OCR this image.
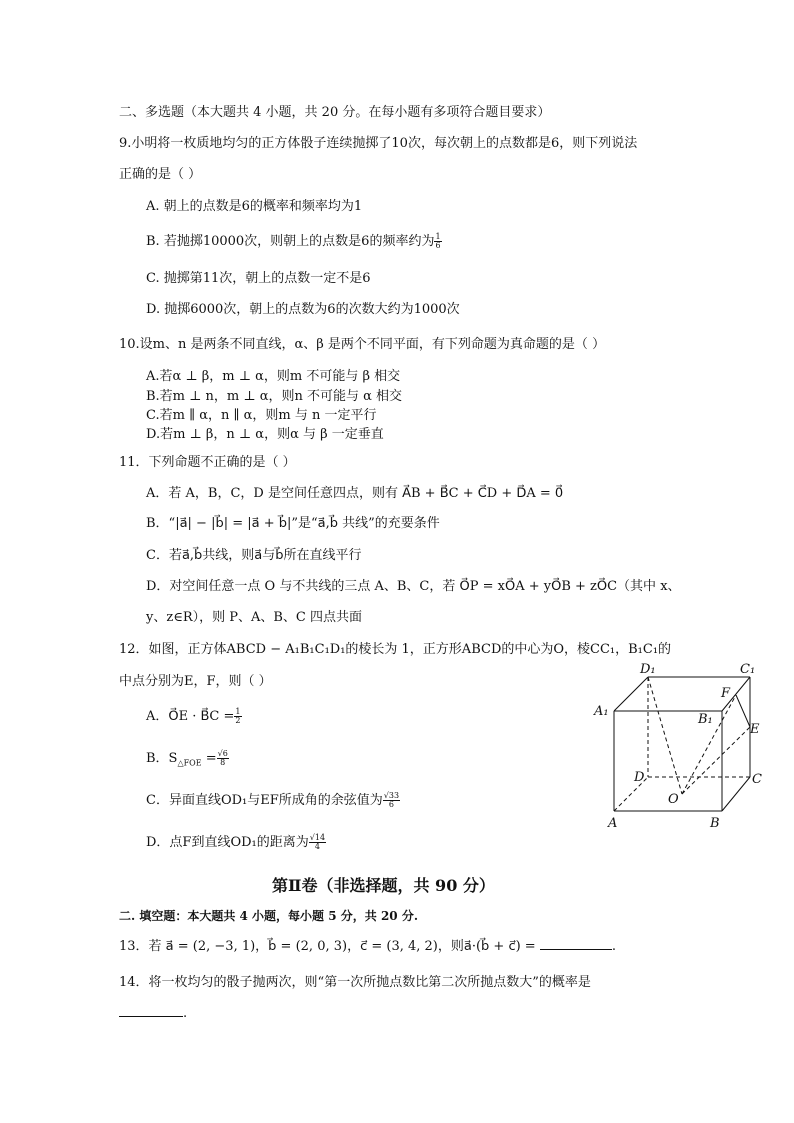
二、多选题（本大题共 4 小题，共 20 分。在每小题有多项符合题目要求）
9.小明将一枚质地均匀的正方体骰子连续抛掷了10次，每次朝上的点数都是6，则下列说法
正确的是（ ）
A. 朝上的点数是6的概率和频率均为1
B. 若抛掷10000次，则朝上的点数是6的频率约为 $\frac{1}{6}$
C. 抛掷第11次，朝上的点数一定不是6
D. 抛掷6000次，朝上的点数为6的次数大约为1000次
10.设m、n 是两条不同直线，α、β 是两个不同平面，有下列命题为真命题的是（ ）
A.若α ⊥ β，m ⊥ α，则m 不可能与 β 相交
B.若m ⊥ n，m ⊥ α，则n 不可能与 α 相交
C.若m ∥ α，n ∥ α，则m 与 n 一定平行
D.若m ⊥ β，n ⊥ α，则α 与 β 一定垂直
11．下列命题不正确的是（ ）
A．若 A，B，C，D 是空间任意四点，则有 A⃗B + B⃗C + C⃗D + D⃗A = 0⃗
B．“|a⃗| − |b⃗| = |a⃗ + b⃗|”是“a⃗,b⃗ 共线”的充要条件
C．若a⃗,b⃗共线，则a⃗与b⃗所在直线平行
D．对空间任意一点 O 与不共线的三点 A、B、C，若 O⃗P = xO⃗A + yO⃗B + zO⃗C（其中 x、
y、z∈R），则 P、A、B、C 四点共面
12．如图，正方体ABCD − A₁B₁C₁D₁的棱长为 1，正方形ABCD的中心为O，棱CC₁，B₁C₁的
中点分别为E，F，则（ ）
A．O⃗E · B⃗C = $\frac{1}{2}$
B．$S_{\triangle FOE} = \frac{√6}{8}$
C．异面直线OD₁与EF所成角的余弦值为 $\frac{√33}{6}$
D．点F到直线OD₁的距离为 $\frac{√14}{4}$
D₁	C₁
A₁
B₁
F
E
D	C
O
A	B
第Ⅱ卷（非选择题，共 90 分）
二. 填空题：本大题共 4 小题，每小题 5 分，共 20 分.
13．若 a⃗ = (2, −3, 1)，b⃗ = (2, 0, 3)，c⃗ = (3, 4, 2)，则a⃗·(b⃗ + c⃗) =	.
14．将一枚均匀的骰子抛两次，则“第一次所抛点数比第二次所抛点数大”的概率是
.
